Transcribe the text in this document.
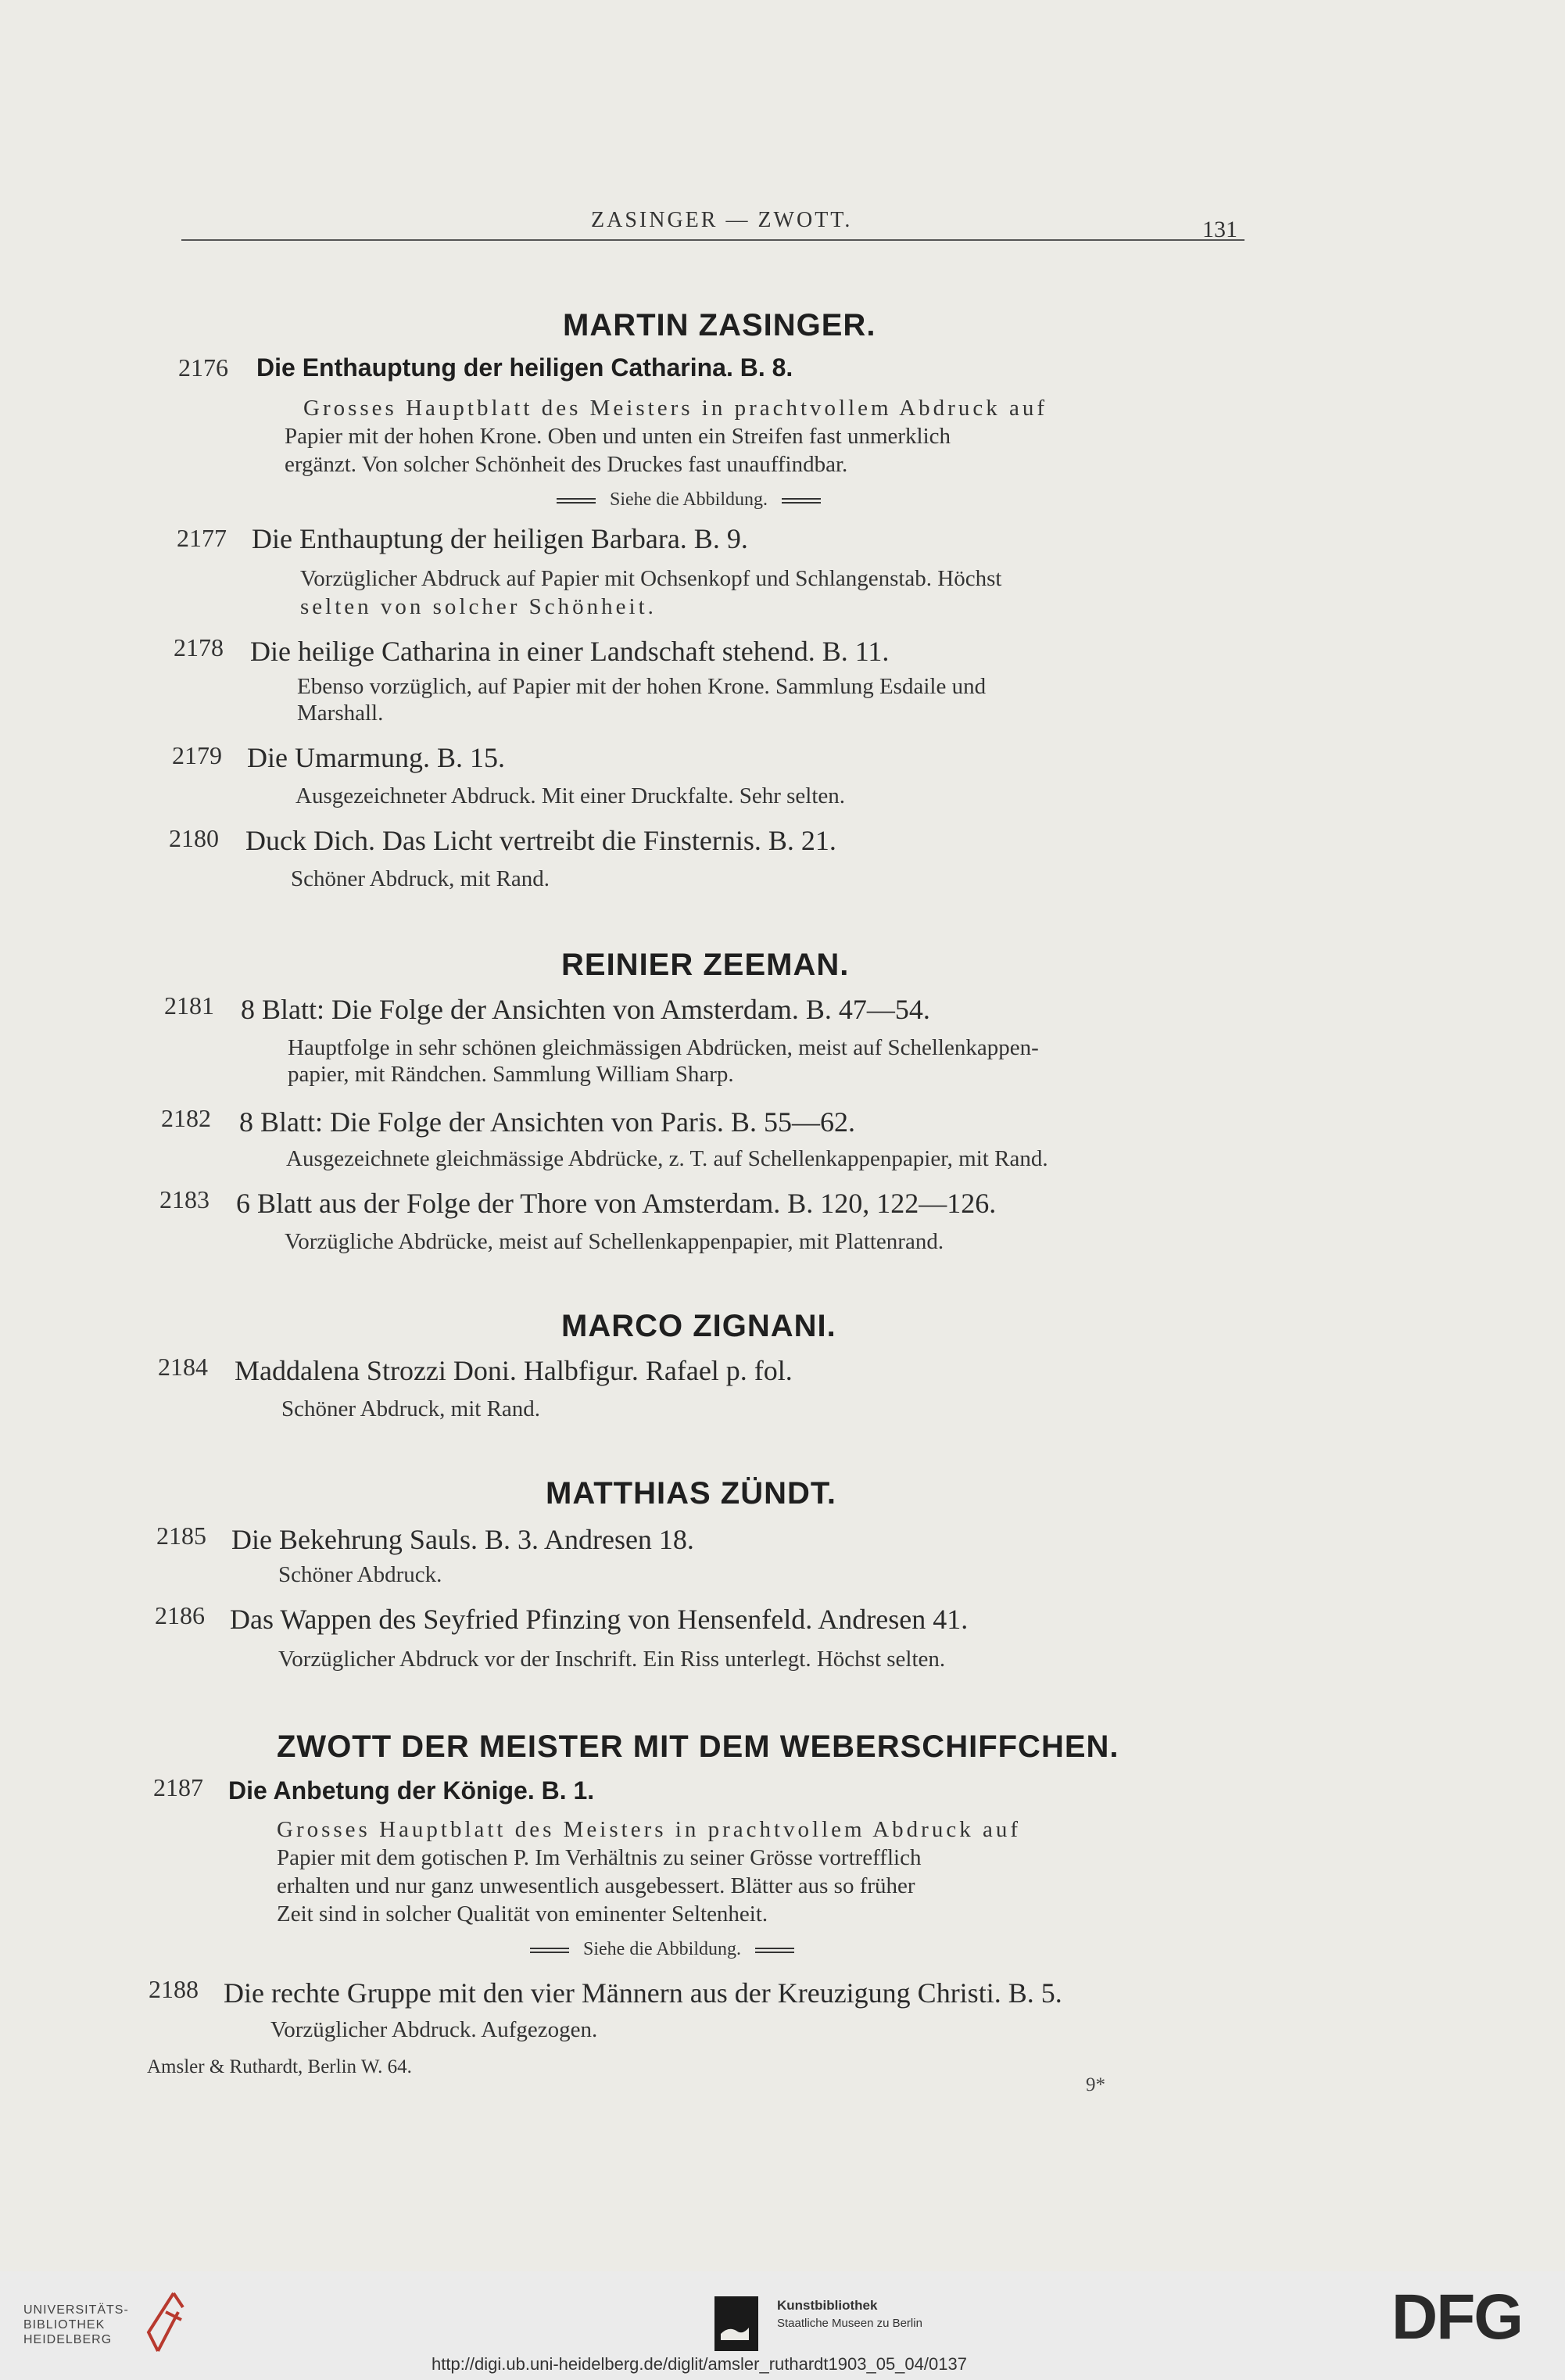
ZASINGER — ZWOTT.	131
MARTIN ZASINGER.
2176 Die Enthauptung der heiligen Catharina. B. 8.
Grosses Hauptblatt des Meisters in prachtvollem Abdruck auf
Papier mit der hohen Krone. Oben und unten ein Streifen fast unmerklich
ergänzt. Von solcher Schönheit des Druckes fast unauffindbar.
Siehe die Abbildung.
2177 Die Enthauptung der heiligen Barbara. B. 9.
Vorzüglicher Abdruck auf Papier mit Ochsenkopf und Schlangenstab. Höchst
selten von solcher Schönheit.
2178 Die heilige Catharina in einer Landschaft stehend. B. 11.
Ebenso vorzüglich, auf Papier mit der hohen Krone. Sammlung Esdaile und
Marshall.
2179 Die Umarmung. B. 15.
Ausgezeichneter Abdruck. Mit einer Druckfalte. Sehr selten.
2180 Duck Dich. Das Licht vertreibt die Finsternis. B. 21.
Schöner Abdruck, mit Rand.
REINIER ZEEMAN.
2181 8 Blatt: Die Folge der Ansichten von Amsterdam. B. 47—54.
Hauptfolge in sehr schönen gleichmässigen Abdrücken, meist auf Schellenkappen-
papier, mit Rändchen. Sammlung William Sharp.
2182 8 Blatt: Die Folge der Ansichten von Paris. B. 55—62.
Ausgezeichnete gleichmässige Abdrücke, z. T. auf Schellenkappenpapier, mit Rand.
2183 6 Blatt aus der Folge der Thore von Amsterdam. B. 120, 122—126.
Vorzügliche Abdrücke, meist auf Schellenkappenpapier, mit Plattenrand.
MARCO ZIGNANI.
2184 Maddalena Strozzi Doni. Halbfigur. Rafael p. fol.
Schöner Abdruck, mit Rand.
MATTHIAS ZÜNDT.
2185 Die Bekehrung Sauls. B. 3. Andresen 18.
Schöner Abdruck.
2186 Das Wappen des Seyfried Pfinzing von Hensenfeld. Andresen 41.
Vorzüglicher Abdruck vor der Inschrift. Ein Riss unterlegt. Höchst selten.
ZWOTT DER MEISTER MIT DEM WEBERSCHIFFCHEN.
2187 Die Anbetung der Könige. B. 1.
Grosses Hauptblatt des Meisters in prachtvollem Abdruck auf
Papier mit dem gotischen P. Im Verhältnis zu seiner Grösse vortrefflich
erhalten und nur ganz unwesentlich ausgebessert. Blätter aus so früher
Zeit sind in solcher Qualität von eminenter Seltenheit.
Siehe die Abbildung.
2188 Die rechte Gruppe mit den vier Männern aus der Kreuzigung Christi. B. 5.
Vorzüglicher Abdruck. Aufgezogen.
Amsler & Ruthardt, Berlin W. 64.
9*
UNIVERSITÄTS-
BIBLIOTHEK
HEIDELBERG
Kunstbibliothek
Staatliche Museen zu Berlin	DFG
http://digi.ub.uni-heidelberg.de/diglit/amsler_ruthardt1903_05_04/0137
